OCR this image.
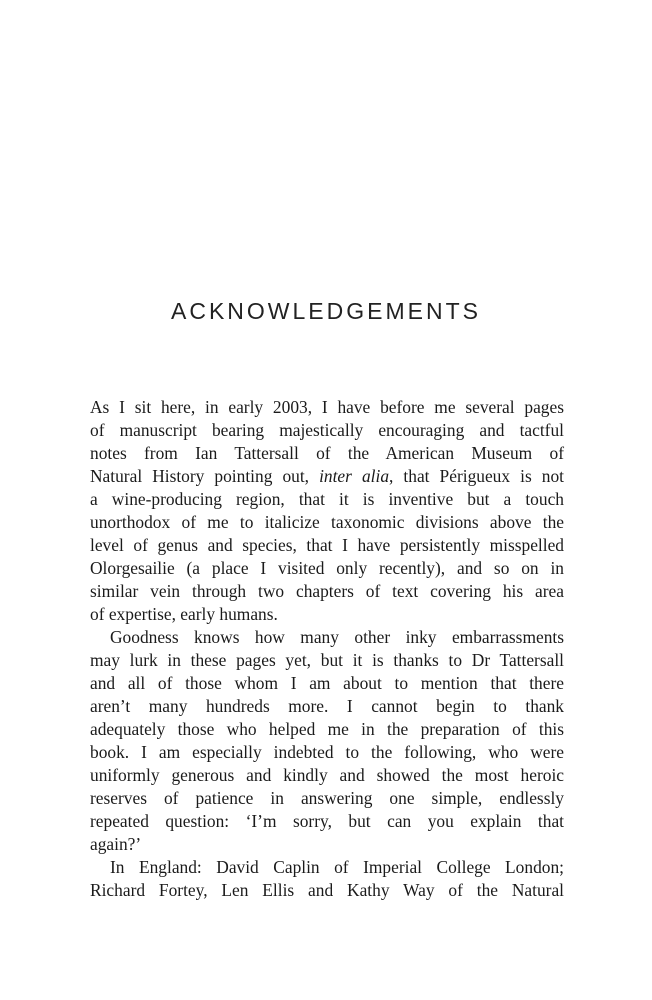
ACKNOWLEDGEMENTS
As I sit here, in early 2003, I have before me several pages
of manuscript bearing majestically encouraging and tactful
notes from Ian Tattersall of the American Museum of
Natural History pointing out, inter alia, that Périgueux is not
a wine-producing region, that it is inventive but a touch
unorthodox of me to italicize taxonomic divisions above the
level of genus and species, that I have persistently misspelled
Olorgesailie (a place I visited only recently), and so on in
similar vein through two chapters of text covering his area
of expertise, early humans.
Goodness knows how many other inky embarrassments
may lurk in these pages yet, but it is thanks to Dr Tattersall
and all of those whom I am about to mention that there
aren’t many hundreds more. I cannot begin to thank
adequately those who helped me in the preparation of this
book. I am especially indebted to the following, who were
uniformly generous and kindly and showed the most heroic
reserves of patience in answering one simple, endlessly
repeated question: ‘I’m sorry, but can you explain that
again?’
In England: David Caplin of Imperial College London;
Richard Fortey, Len Ellis and Kathy Way of the Natural
